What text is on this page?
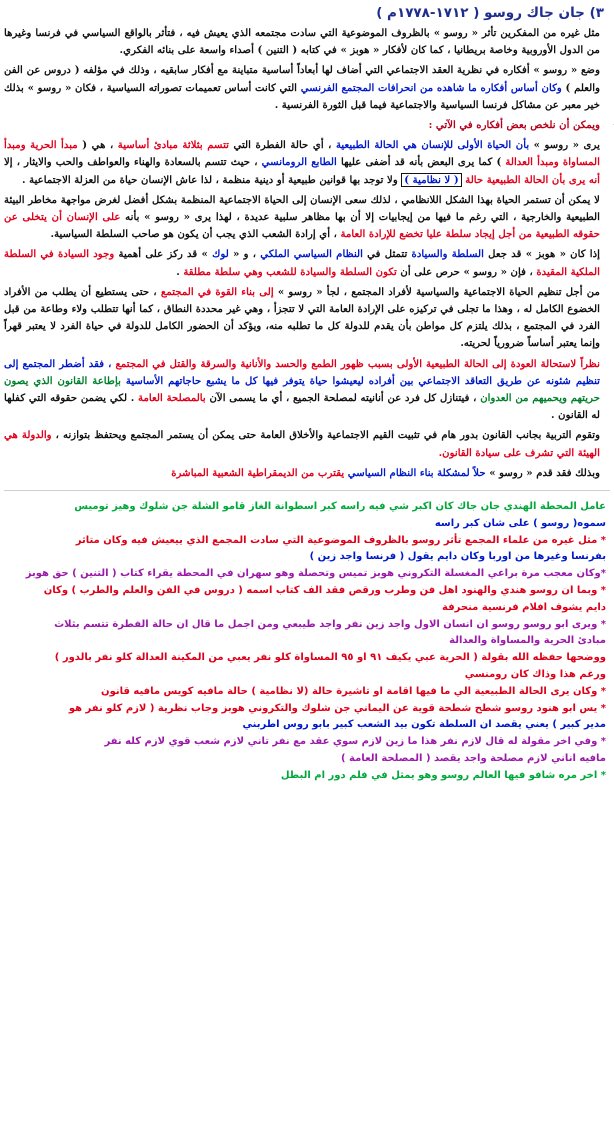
٣) جان جاك روسو ( ١٧١٢-١٧٧٨م )

• مثل غيره من المفكرين تأثر « روسو » بالظروف الموضوعية التي سادت مجتمعه الذي يعيش فيه ، فتأثر بالواقع السياسي في فرنسا وغيرها من الدول الأوروبية وخاصة بريطانيا ، كما كان لأفكار « هوبز » في كتابه ( التنين ) أصداء واسعة على بنائه الفكري.

• وضع « روسو » أفكاره في نظرية العقد الاجتماعي التي أضاف لها أبعاداً أساسية متباينة مع أفكار سابقيه ، وذلك في مؤلفه ( دروس عن الفن والعلم ) وكان أساس أفكاره ما شاهده من انحرافات المجتمع الفرنسي التي كانت أساس تعميمات تصوراته السياسية ، فكان « روسو » بذلك خير معبر عن مشاكل فرنسا السياسية والاجتماعية فيما قبل الثورة الفرنسية .

❖ ويمكن أن نلخص بعض أفكاره في الآتي :

- يرى « روسو » بأن الحياة الأولى للإنسان هي الحالة الطبيعية ، أي حالة الفطرة التي تتسم بثلاثة مبادئ أساسية ، هي ( مبدأ الحرية ومبدأ المساواة ومبدأ العدالة ) كما يرى البعض بأنه قد أضفى عليها الطابع الرومانسي ، حيث تتسم بالسعادة والهناء والعواطف والحب والايثار ، إلا أنه يرى بأن الحالة الطبيعية حالة ( لا نظامية ) ولا توجد بها قوانين طبيعية أو دينية منظمة ، لذا عاش الإنسان حياة من العزلة الاجتماعية .

- لا يمكن أن تستمر الحياة بهذا الشكل اللانظامي ، لذلك سعى الإنسان إلى الحياة الاجتماعية المنظمة بشكل أفضل لغرض مواجهة مخاطر البيئة الطبيعية والخارجية ، التي رغم ما فيها من إيجابيات إلا أن بها مظاهر سلبية عديدة ، لهذا يرى « روسو » بأنه على الإنسان أن يتخلى عن حقوقه الطبيعية من أجل إيجاد سلطة عليا تخضع للإرادة العامة ، أي إرادة الشعب الذي يجب أن يكون هو صاحب السلطة السياسية.

- إذا كان « هوبز » قد جعل السلطة والسيادة تتمثل في النظام السياسي الملكي ، و « لوك » قد ركز على أهمية وجود السيادة في السلطة الملكية المقيدة ، فإن « روسو » حرص على أن تكون السلطة والسيادة للشعب وهي سلطة مطلقة .

- من أجل تنظيم الحياة الاجتماعية والسياسية لأفراد المجتمع ، لجأ « روسو » إلى بناء القوة في المجتمع ، حتى يستطيع أن يطلب من الأفراد الخضوع الكامل له ، وهذا ما تجلى في تركيزه على الإرادة العامة التي لا تتجزأ ، وهي غير محددة النطاق ، كما أنها تتطلب ولاء وطاعة من قبل الفرد في المجتمع ، بذلك يلتزم كل مواطن بأن يقدم للدولة كل ما تطلبه منه، ويؤكد أن الحضور الكامل للدولة في حياة الفرد لا يعتبر قهراً وإنما يعتبر أساساً ضرورياً لحريته.

- نظراً لاستحالة العودة إلى الحالة الطبيعية الأولى بسبب ظهور الطمع والحسد والأنانية والسرقة والقتل في المجتمع ، فقد أضطر المجتمع إلى تنظيم شئونه عن طريق التعاقد الاجتماعي بين أفراده ليعيشوا حياة يتوفر فيها كل ما يشبع حاجاتهم الأساسية بإطاعة القانون الذي يصون حريتهم ويحميهم من العدوان ، فيتنازل كل فرد عن أنانيته لمصلحة الجميع ، أي ما يسمى الآن بالمصلحة العامة . لكي يضمن حقوقه التي كفلها له القانون .

• وتقوم التربية بجانب القانون بدور هام في تثبيت القيم الاجتماعية والأخلاق العامة حتى يمكن أن يستمر المجتمع ويحتفظ بتوازنه ، والدولة هي الهيئة التي تشرف على سيادة القانون.

• وبذلك فقد قدم « روسو » حلاً لمشكلة بناء النظام السياسي يقترب من الديمقراطية الشعبية المباشرة

عامل المحطة الهندي جان جاك كان اكبر شي فيه راسه كبر اسطوانة الغاز قامو الشلة جن شلوك وهيز توميس

سموه( روسو ) على شان كبر راسه

* مثل غيره من علماء المجمع تأثر روسو بالظروف الموضوعية التي سادت المجمع الذي ييعيش فيه وكان متاثر

بفرنسا وغيرها من اوربا وكان دايم يقول ( فرنسا واجد زين )

*وكان معجب مرة براعي المغسلة التكروني هوبز تميس وتحصلة وهو سهران في المحطة يقراء كتاب ( التنين ) حق هوبز

* وبما ان روسو هندي والهنود اهل فن وطرب ورقص فقد الف كتاب اسمه ( دروس في الفن والعلم والطرب ) وكان

دايم يشوف افلام فرنسية منحرفة

* ويرى ابو روسو روسو ان انسان الاول واجد زين نفر واجد طيبعي ومن اجمل ما قال ان حالة الفطرة تتسم بثلاث

مبادئ الحرية والمساواة والعدالة

ووضحها حفظه الله بقولة ( الحرية عبي يكيف ٩١ او ٩٥ المساواة كلو نفر يعبي من المكينة العدالة كلو نفر بالدور )

ورغم هذا وذاك كان رومنسي

* وكان يرى الحالة الطبيعية الي ما فيها اقامة او تاشيرة حالة (لا نظامية ) حالة مافيه كويس مافيه قانون

* يس ابو هنود روسو شطح شطحة قوية عن اليماني جن شلوك والتكروني هوبز وجاب نظرية ( لازم كلو نفر هو

مدير كبير ) يعني يقصد ان السلطة تكون بيد الشعب كبير بابو روس اطربني

* وفي اخر مقولة له قال لازم نفر هذا ما زين لازم سوي عقد مع نفر تاني لازم شعب قوي لازم كله نفر

مافيه اناني لازم مصلحة واجد يقصد ( المصلحة العامة )

* اخر مره شافو فيها العالم روسو وهو يمثل في فلم دور ام البطل
